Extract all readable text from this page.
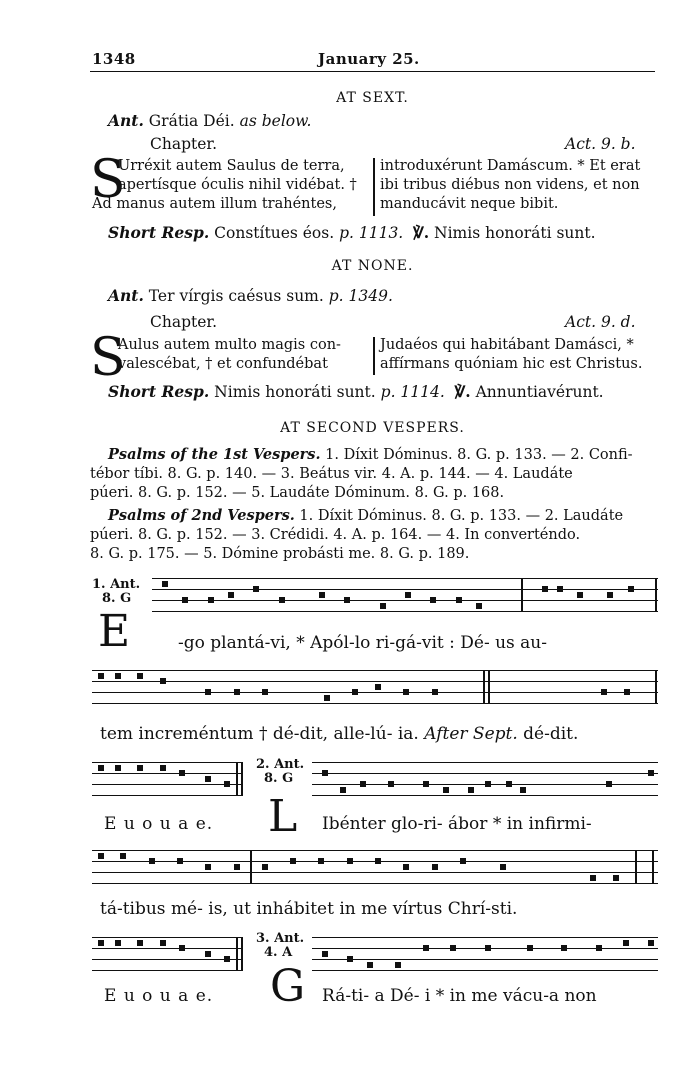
1348	January 25.
AT SEXT.
Ant. Grátia Déi. as below.
Chapter.	Act. 9. b.
S
Urréxit autem Saulus de terra,
apertísque óculis nihil vidébat. †
Ad manus autem illum trahéntes,
introduxérunt Damáscum. * Et erat
ibi tribus diébus non videns, et non
manducávit neque bibit.
Short Resp. Constítues éos. p. 1113. ℣. Nimis honoráti sunt.
AT NONE.
Ant. Ter vírgis caésus sum. p. 1349.
Chapter.	Act. 9. d.
S
Aulus autem multo magis con-
valescébat, † et confundébat
Judaéos qui habitábant Damásci, *
affírmans quóniam hic est Christus.
Short Resp. Nimis honoráti sunt. p. 1114. ℣. Annuntiavérunt.
AT SECOND VESPERS.
Psalms of the 1st Vespers. 1. Díxit Dóminus. 8. G. p. 133. — 2. Confi-
tébor tíbi. 8. G. p. 140. — 3. Beátus vir. 4. A. p. 144. — 4. Laudáte
púeri. 8. G. p. 152. — 5. Laudáte Dóminum. 8. G. p. 168.
Psalms of 2nd Vespers. 1. Díxit Dóminus. 8. G. p. 133. — 2. Laudáte
púeri. 8. G. p. 152. — 3. Crédidi. 4. A. p. 164. — 4. In converténdo.
8. G. p. 175. — 5. Dómine probásti me. 8. G. p. 189.
1. Ant.
8. G
E	-go plantá-vi, * Apól-lo ri-gá-vit : Dé- us au-
tem increméntum † dé-dit, alle-lú- ia. After Sept. dé-dit.
2. Ant.
8. G
E u o u a e. L Ibénter glo-ri- ábor * in infirmi-
tá-tibus mé- is, ut inhábitet in me vírtus Chrí-sti.
3. Ant.
4. A
E u o u a e. G Rá-ti- a Dé- i * in me vácu-a non
